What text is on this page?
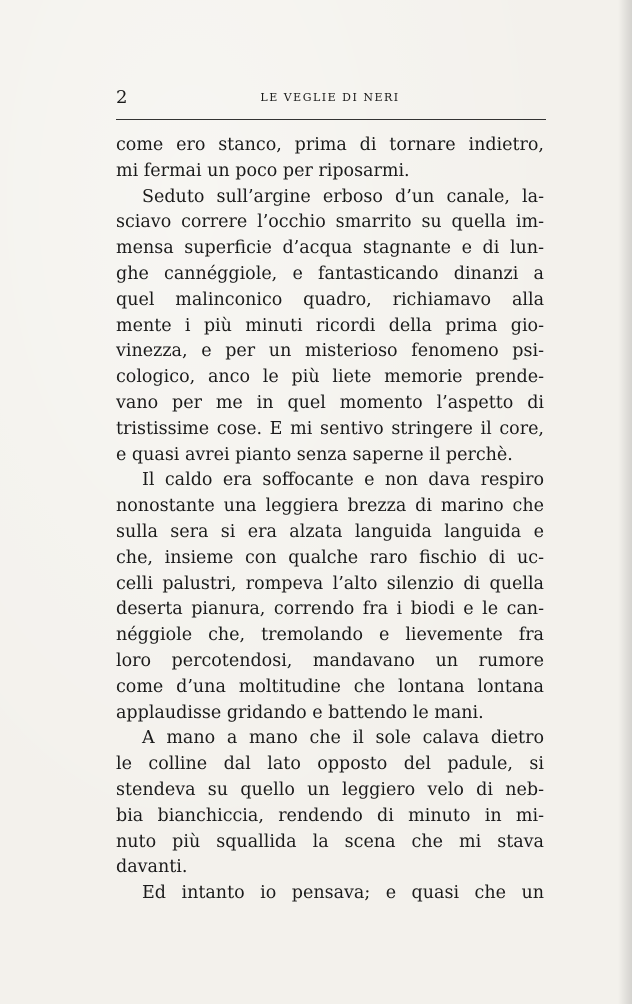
2	LE VEGLIE DI NERI
come ero stanco, prima di tornare indietro,
mi fermai un poco per riposarmi.
Seduto sull’argine erboso d’un canale, la-
sciavo correre l’occhio smarrito su quella im-
mensa superficie d’acqua stagnante e di lun-
ghe cannéggiole, e fantasticando dinanzi a
quel malinconico quadro, richiamavo alla
mente i più minuti ricordi della prima gio-
vinezza, e per un misterioso fenomeno psi-
cologico, anco le più liete memorie prende-
vano per me in quel momento l’aspetto di
tristissime cose. E mi sentivo stringere il core,
e quasi avrei pianto senza saperne il perchè.
Il caldo era soffocante e non dava respiro
nonostante una leggiera brezza di marino che
sulla sera si era alzata languida languida e
che, insieme con qualche raro fischio di uc-
celli palustri, rompeva l’alto silenzio di quella
deserta pianura, correndo fra i biodi e le can-
néggiole che, tremolando e lievemente fra
loro percotendosi, mandavano un rumore
come d’una moltitudine che lontana lontana
applaudisse gridando e battendo le mani.
A mano a mano che il sole calava dietro
le colline dal lato opposto del padule, si
stendeva su quello un leggiero velo di neb-
bia bianchiccia, rendendo di minuto in mi-
nuto più squallida la scena che mi stava
davanti.
Ed intanto io pensava; e quasi che un
